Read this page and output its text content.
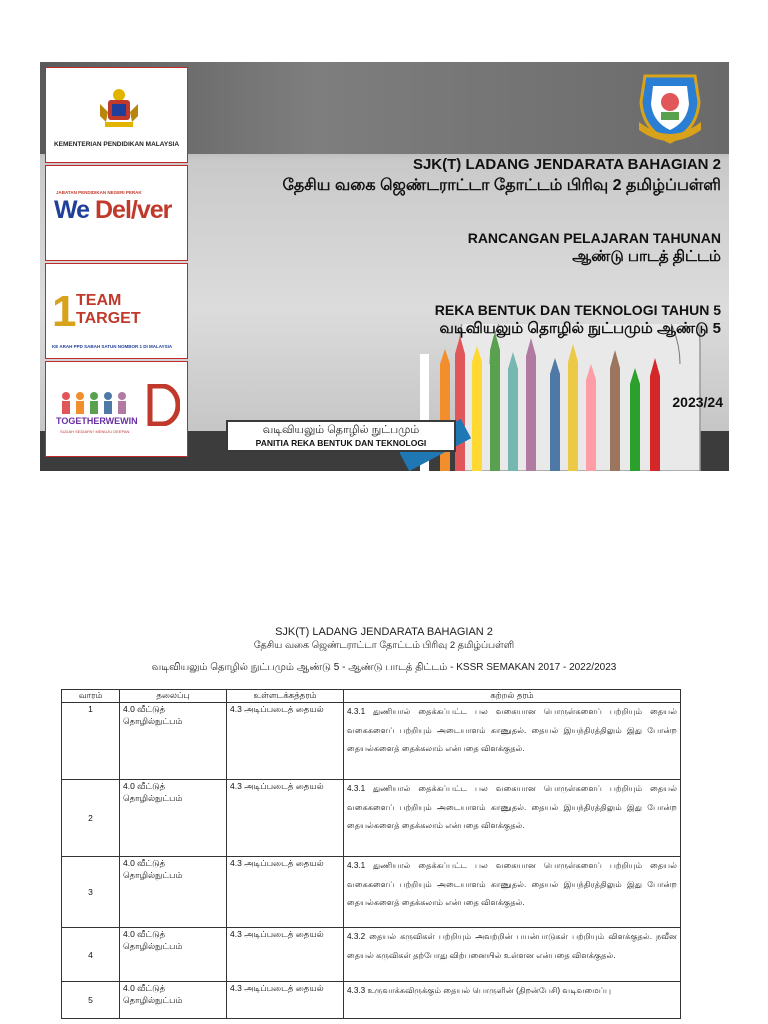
KEMENTERIAN PENDIDIKAN MALAYSIA
JABATAN PENDIDIKAN NEGERI PERAK
We Del/ver
1 TEAM
TARGET
KE ARAH PPD SABAH SATUN NOMBOR 1 DI MALAYSIA
TOGETHERWEWIN
SUDAH SEDIAPA? MENUJU DEEPAN
SJK(T) LADANG JENDARATA BAHAGIAN 2
தேசிய வகை ஜெண்டராட்டா தோட்டம் பிரிவு 2 தமிழ்ப்பள்ளி
RANCANGAN PELAJARAN TAHUNAN
ஆண்டு பாடத் திட்டம்
REKA BENTUK DAN TEKNOLOGI TAHUN 5
வடிவியலும் தொழில் நுட்பமும் ஆண்டு 5
2023/24
வடிவியலும் தொழில் நுட்பமும்
PANITIA REKA BENTUK DAN TEKNOLOGI
SJK(T) LADANG JENDARATA BAHAGIAN 2
தேசிய வகை ஜெண்டராட்டா தோட்டம் பிரிவு 2 தமிழ்ப்பள்ளி
வடிவியலும் தொழில் நுட்பமும் ஆண்டு 5 - ஆண்டு பாடத் திட்டம் - KSSR SEMAKAN 2017 - 2022/2023
வாரம்	தலைப்பு	உள்ளடக்கத்தரம்	கற்றல் தரம்
1	4.0 வீட்டுத் தொழில்நுட்பம்	4.3 அடிப்படைத் தையல்	4.3.1 துணியால் தைக்கப்பட்ட பல வகையான பொருள்களைப் பற்றியும் தையல் வகைகளைப் பற்றியும் அடையாளம் காணுதல். தையல் இயந்திரத்திலும் இது போன்ற தையல்களைத் தைக்கலாம் என்பதை விளக்குதல்.
2	4.0 வீட்டுத் தொழில்நுட்பம்	4.3 அடிப்படைத் தையல்	4.3.1 துணியால் தைக்கப்பட்ட பல வகையான பொருள்களைப் பற்றியும் தையல் வகைகளைப் பற்றியும் அடையாளம் காணுதல். தையல் இயந்திரத்திலும் இது போன்ற தையல்களைத் தைக்கலாம் என்பதை விளக்குதல்.
3	4.0 வீட்டுத் தொழில்நுட்பம்	4.3 அடிப்படைத் தையல்	4.3.1 துணியால் தைக்கப்பட்ட பல வகையான பொருள்களைப் பற்றியும் தையல் வகைகளைப் பற்றியும் அடையாளம் காணுதல். தையல் இயந்திரத்திலும் இது போன்ற தையல்களைத் தைக்கலாம் என்பதை விளக்குதல்.
4	4.0 வீட்டுத் தொழில்நுட்பம்	4.3 அடிப்படைத் தையல்	4.3.2 தையல் கருவிகள் பற்றியும் அவற்றின் பயன்பாடுகள் பற்றியும் விளக்குதல். நவீன தையல் கருவிகள் தற்போது விற்பனையில் உள்ளன என்பதை விளக்குதல்.
5	4.0 வீட்டுத் தொழில்நுட்பம்	4.3 அடிப்படைத் தையல்	4.3.3 உருவாக்கவிருக்கும் தையல் பொருளின் (திறன்பேசி) வடிவமைப்பு
